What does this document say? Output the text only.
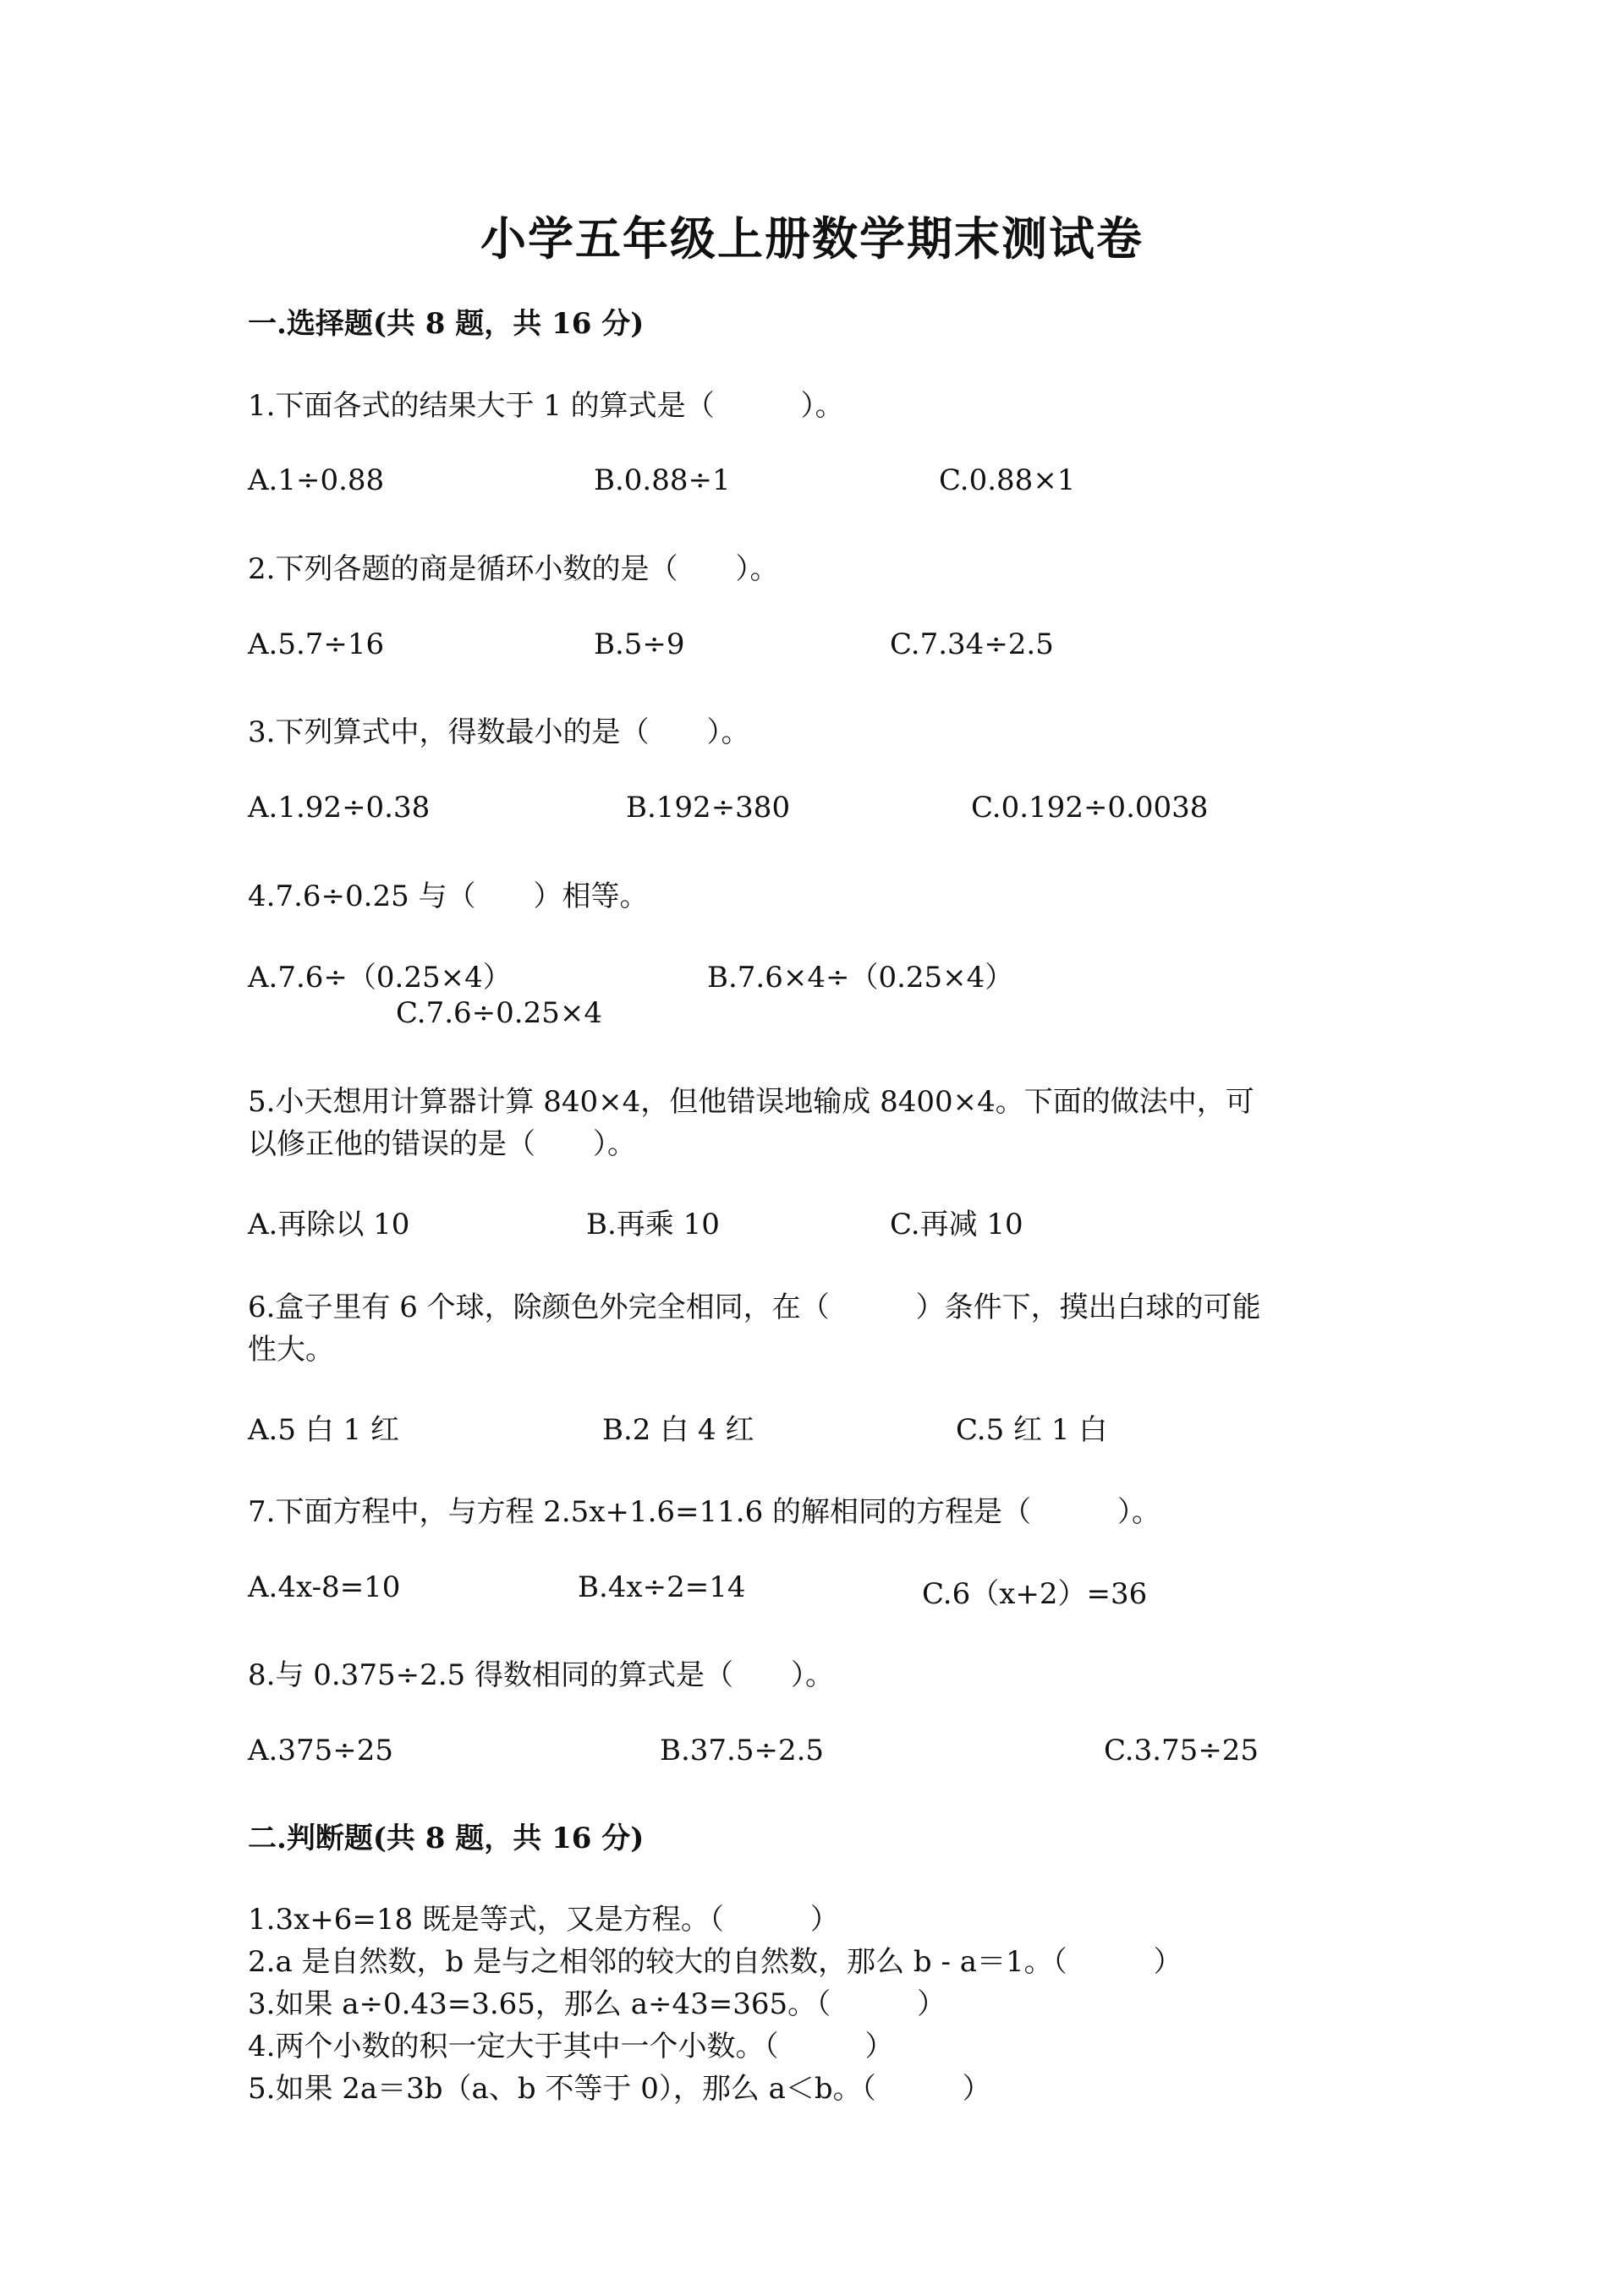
小学五年级上册数学期末测试卷
一.选择题(共 8 题，共 16 分)
1.下面各式的结果大于 1 的算式是（　　　）。
A.1÷0.88	B.0.88÷1	C.0.88×1
2.下列各题的商是循环小数的是（　　）。
A.5.7÷16	B.5÷9	C.7.34÷2.5
3.下列算式中，得数最小的是（　　）。
A.1.92÷0.38	B.192÷380	C.0.192÷0.0038
4.7.6÷0.25 与（　　）相等。
A.7.6÷（0.25×4）	B.7.6×4÷（0.25×4）
C.7.6÷0.25×4
5.小天想用计算器计算 840×4，但他错误地输成 8400×4。下面的做法中，可
以修正他的错误的是（　　）。
A.再除以 10	B.再乘 10	C.再减 10
6.盒子里有 6 个球，除颜色外完全相同，在（　　　）条件下，摸出白球的可能
性大。
A.5 白 1 红	B.2 白 4 红	C.5 红 1 白
7.下面方程中，与方程 2.5x+1.6=11.6 的解相同的方程是（　　　）。
A.4x-8=10	B.4x÷2=14	C.6（x+2）=36
8.与 0.375÷2.5 得数相同的算式是（　　）。
A.375÷25	B.37.5÷2.5	C.3.75÷25
二.判断题(共 8 题，共 16 分)
1.3x+6=18 既是等式，又是方程。（　　　）
2.a 是自然数，b 是与之相邻的较大的自然数，那么 b - a＝1。（　　　）
3.如果 a÷0.43=3.65，那么 a÷43=365。（　　　）
4.两个小数的积一定大于其中一个小数。（　　　）
5.如果 2a＝3b（a、b 不等于 0），那么 a＜b。（　　　）
